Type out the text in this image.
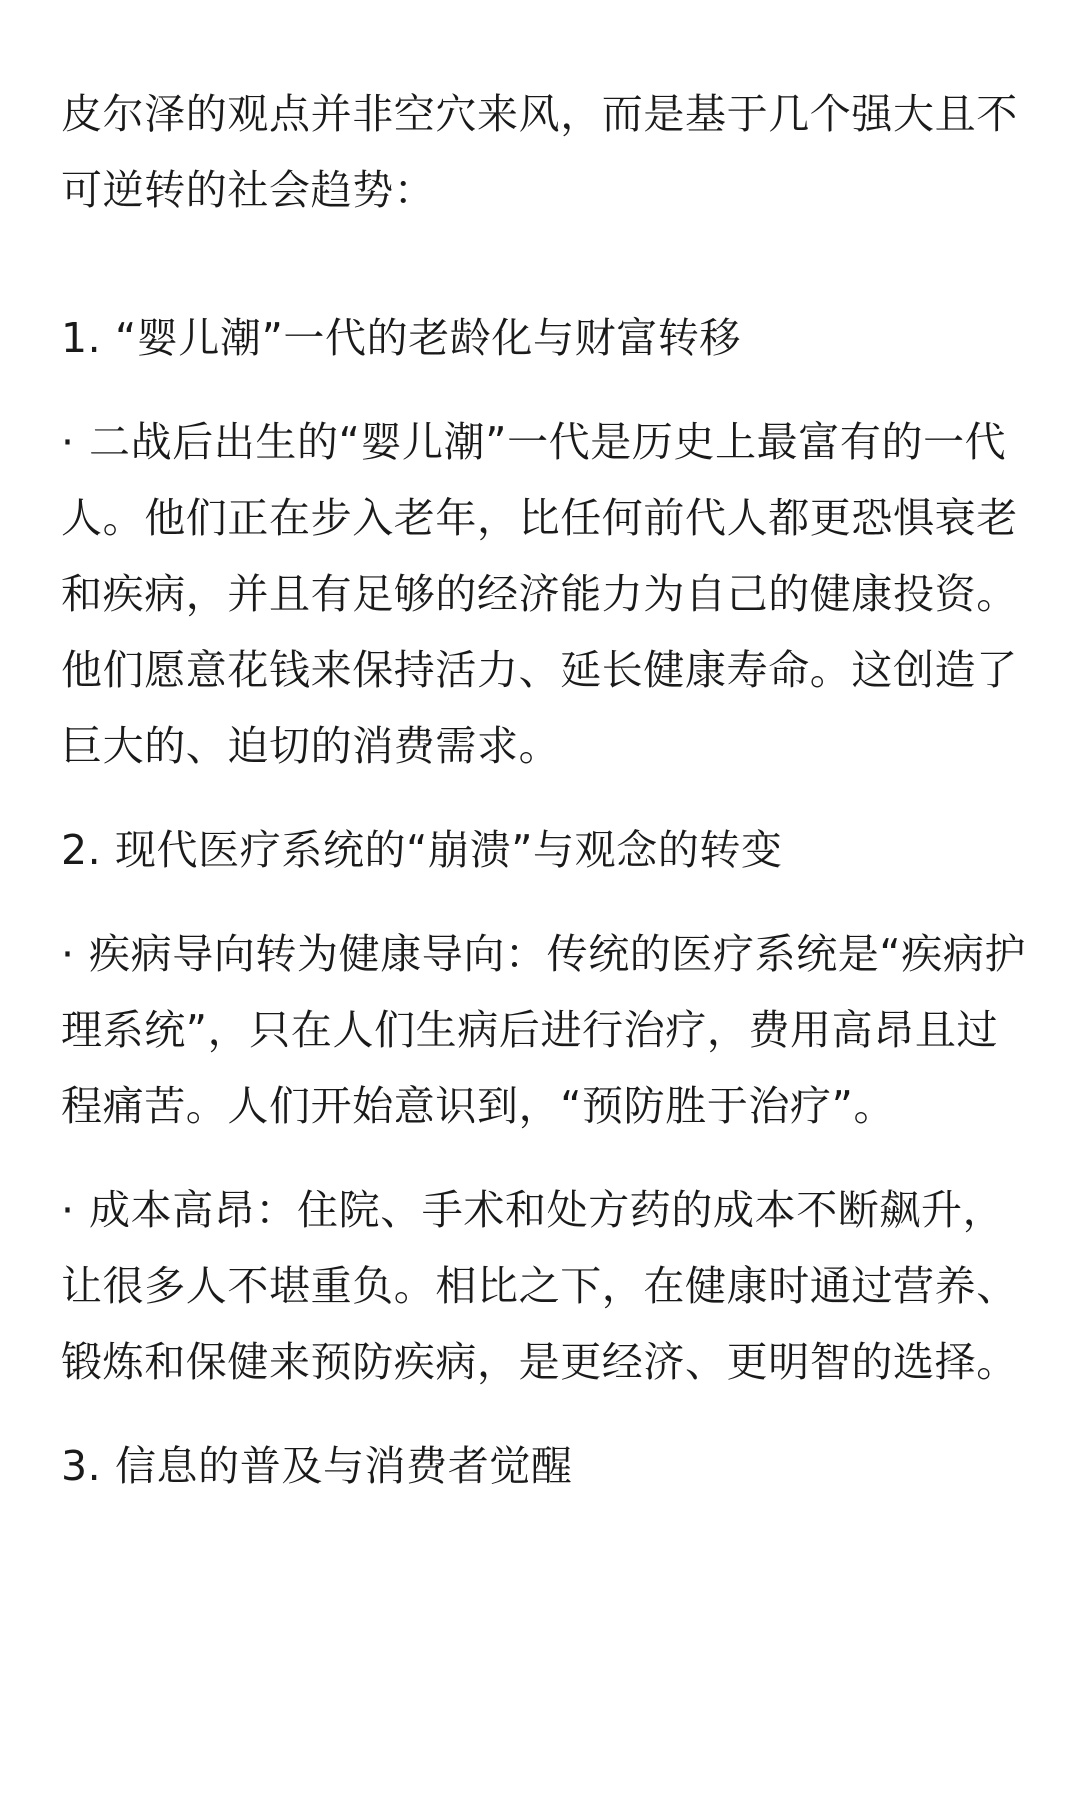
皮尔泽的观点并非空穴来风，而是基于几个强大且不可逆转的社会趋势：

1. “婴儿潮”一代的老龄化与财富转移

· 二战后出生的“婴儿潮”一代是历史上最富有的一代人。他们正在步入老年，比任何前代人都更恐惧衰老和疾病，并且有足够的经济能力为自己的健康投资。他们愿意花钱来保持活力、延长健康寿命。这创造了巨大的、迫切的消费需求。

2. 现代医疗系统的“崩溃”与观念的转变

· 疾病导向转为健康导向：传统的医疗系统是“疾病护理系统”，只在人们生病后进行治疗，费用高昂且过程痛苦。人们开始意识到，“预防胜于治疗”。

· 成本高昂：住院、手术和处方药的成本不断飙升，让很多人不堪重负。相比之下，在健康时通过营养、锻炼和保健来预防疾病，是更经济、更明智的选择。

3. 信息的普及与消费者觉醒
